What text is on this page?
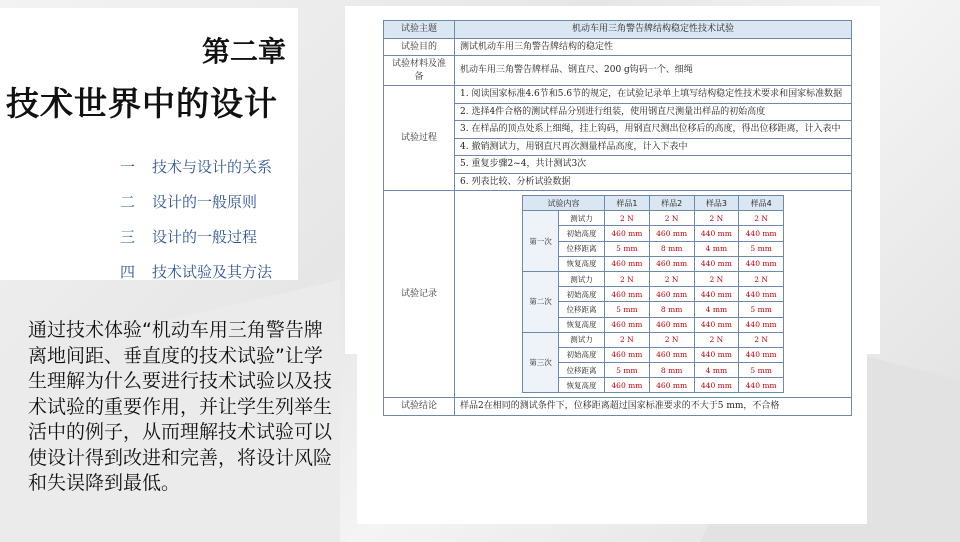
第二章
技术世界中的设计
一 技术与设计的关系
二 设计的一般原则
三 设计的一般过程
四 技术试验及其方法
通过技术体验“机动车用三角警告牌离地间距、垂直度的技术试验”让学生理解为什么要进行技术试验以及技术试验的重要作用，并让学生列举生活中的例子，从而理解技术试验可以使设计得到改进和完善，将设计风险和失误降到最低。
试验主题	机动车用三角警告牌结构稳定性技术试验
试验目的	测试机动车用三角警告牌结构的稳定性
试验材料及准备	机动车用三角警告牌样品、钢直尺、200 g钩码一个、细绳
试验过程	1. 阅读国家标准4.6节和5.6节的规定，在试验记录单上填写结构稳定性技术要求和国家标准数据
2. 选择4件合格的测试样品分别进行组装，使用钢直尺测量出样品的初始高度
3. 在样品的顶点处系上细绳，挂上钩码，用钢直尺测出位移后的高度，得出位移距离，计入表中
4. 撤销测试力，用钢直尺再次测量样品高度，计入下表中
5. 重复步骤2~4，共计测试3次
6. 列表比较、分析试验数据
试验记录	
试验内容	样品1	样品2	样品3	样品4
第一次	测试力	2 N	2 N	2 N	2 N
初始高度	460 mm	460 mm	440 mm	440 mm
位移距离	5 mm	8 mm	4 mm	5 mm
恢复高度	460 mm	460 mm	440 mm	440 mm
第二次	测试力	2 N	2 N	2 N	2 N
初始高度	460 mm	460 mm	440 mm	440 mm
位移距离	5 mm	8 mm	4 mm	5 mm
恢复高度	460 mm	460 mm	440 mm	440 mm
第三次	测试力	2 N	2 N	2 N	2 N
初始高度	460 mm	460 mm	440 mm	440 mm
位移距离	5 mm	8 mm	4 mm	5 mm
恢复高度	460 mm	460 mm	440 mm	440 mm

试验结论	样品2在相同的测试条件下，位移距离超过国家标准要求的不大于5 mm，不合格
